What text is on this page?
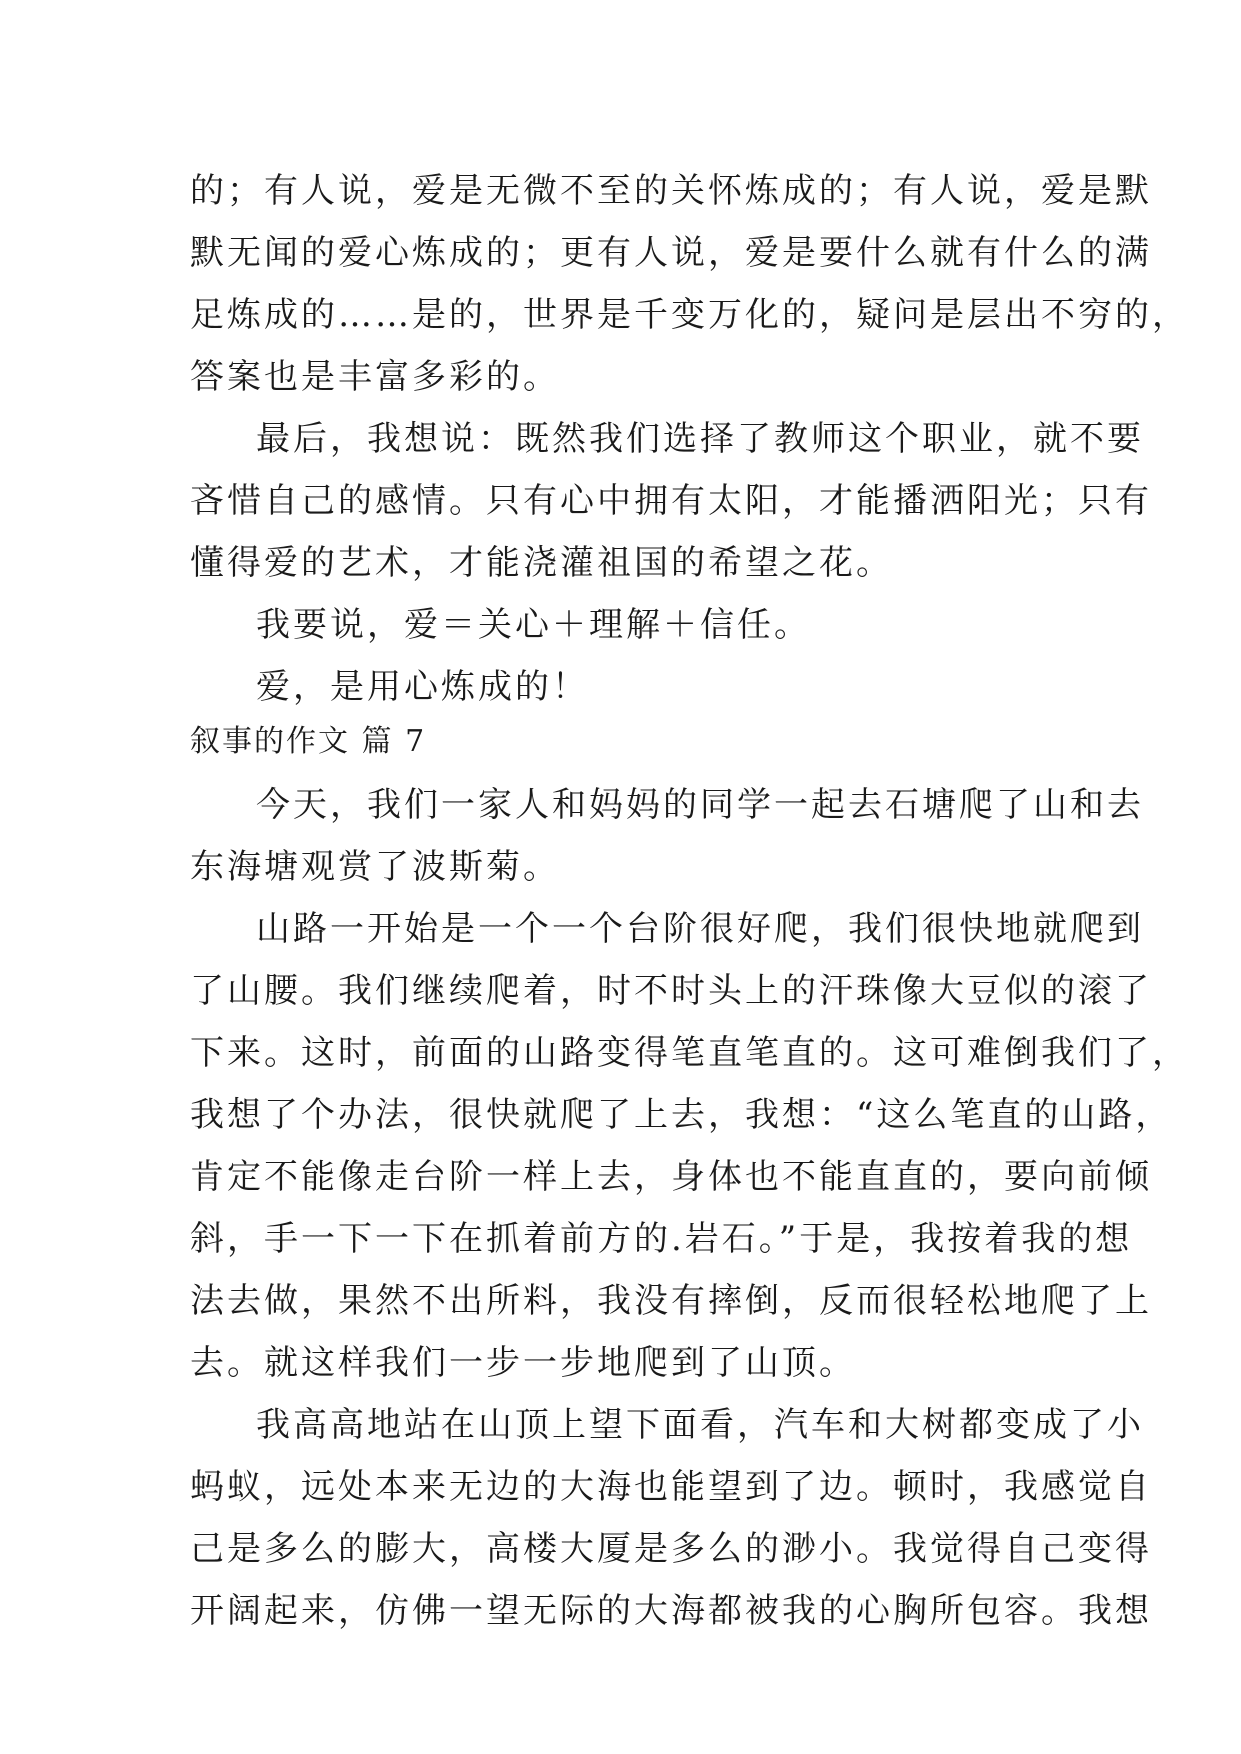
的；有人说，爱是无微不至的关怀炼成的；有人说，爱是默
默无闻的爱心炼成的；更有人说，爱是要什么就有什么的满
足炼成的……是的，世界是千变万化的，疑问是层出不穷的，
答案也是丰富多彩的。
最后，我想说：既然我们选择了教师这个职业，就不要
吝惜自己的感情。只有心中拥有太阳，才能播洒阳光；只有
懂得爱的艺术，才能浇灌祖国的希望之花。
我要说，爱＝关心＋理解＋信任。
爱，是用心炼成的！
叙事的作文 篇 7
今天，我们一家人和妈妈的同学一起去石塘爬了山和去
东海塘观赏了波斯菊。
山路一开始是一个一个台阶很好爬，我们很快地就爬到
了山腰。我们继续爬着，时不时头上的汗珠像大豆似的滚了
下来。这时，前面的山路变得笔直笔直的。这可难倒我们了，
我想了个办法，很快就爬了上去，我想：“这么笔直的山路，
肯定不能像走台阶一样上去，身体也不能直直的，要向前倾
斜，手一下一下在抓着前方的.岩石。”于是，我按着我的想
法去做，果然不出所料，我没有摔倒，反而很轻松地爬了上
去。就这样我们一步一步地爬到了山顶。
我高高地站在山顶上望下面看，汽车和大树都变成了小
蚂蚁，远处本来无边的大海也能望到了边。顿时，我感觉自
己是多么的膨大，高楼大厦是多么的渺小。我觉得自己变得
开阔起来，仿佛一望无际的大海都被我的心胸所包容。我想
